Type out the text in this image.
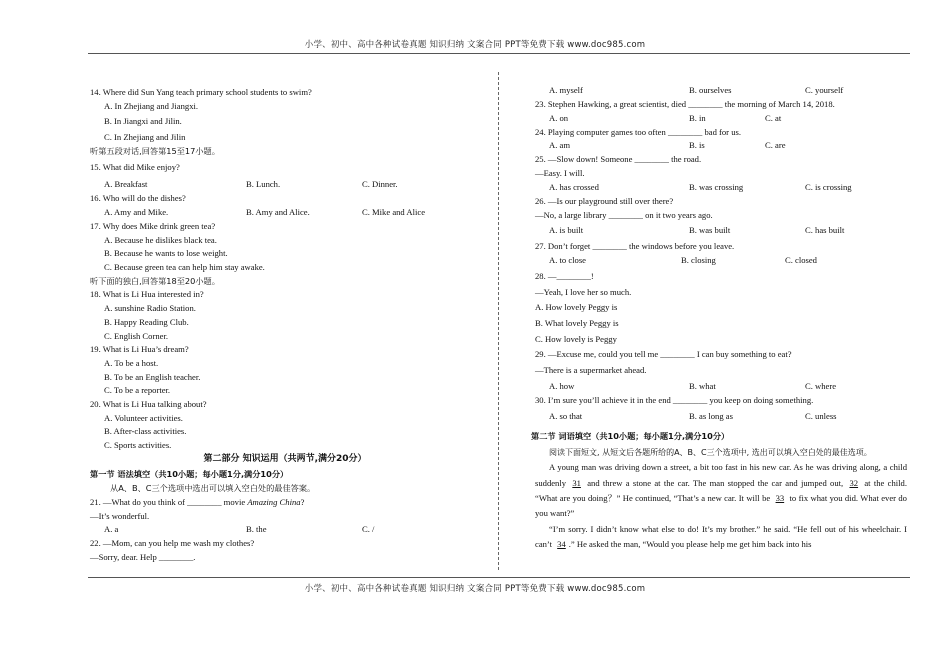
小学、初中、高中各种试卷真题 知识归纳 文案合同 PPT等免费下载 www.doc985.com
14. Where did Sun Yang teach primary school students to swim?
A. In Zhejiang and Jiangxi.
B. In Jiangxi and Jilin.
C. In Zhejiang and Jilin
听第五段对话,回答第15至17小题。
15. What did Mike enjoy?
A. Breakfast	B. Lunch.	C. Dinner.
16. Who will do the dishes?
A. Amy and Mike.	B. Amy and Alice.	C. Mike and Alice
17. Why does Mike drink green tea?
A. Because he dislikes black tea.
B. Because he wants to lose weight.
C. Because green tea can help him stay awake.
听下面的独白,回答第18至20小题。
18. What is Li Hua interested in?
A. sunshine Radio Station.
B. Happy Reading Club.
C. English Corner.
19. What is Li Hua’s dream?
A. To be a host.
B. To be an English teacher.
C. To be a reporter.
20. What is Li Hua talking about?
A. Volunteer activities.
B. After-class activities.
C. Sports activities.
第二部分 知识运用（共两节,满分20分）
第一节 语法填空（共10小题；每小题1分,满分10分）
从A、B、C三个选项中选出可以填入空白处的最佳答案。
21. —What do you think of ________ movie Amazing China?
—It’s wonderful.
A. a	B. the	C. /
22. —Mom, can you help me wash my clothes?
—Sorry, dear. Help ________.
A. myself	B. ourselves	C. yourself
23. Stephen Hawking, a great scientist, died ________ the morning of March 14, 2018.
A. on	B. in	C. at
24. Playing computer games too often ________ bad for us.
A. am	B. is	C. are
25. —Slow down! Someone ________ the road.
—Easy. I will.
A. has crossed	B. was crossing	C. is crossing
26. —Is our playground still over there?
—No, a large library ________ on it two years ago.
A. is built	B. was built	C. has built
27. Don’t forget ________ the windows before you leave.
A. to close	B. closing	C. closed
28. —________!
—Yeah, I love her so much.
A. How lovely Peggy is
B. What lovely Peggy is
C. How lovely is Peggy
29. —Excuse me, could you tell me ________ I can buy something to eat?
—There is a supermarket ahead.
A. how	B. what	C. where
30. I’m sure you’ll achieve it in the end ________ you keep on doing something.
A. so that	B. as long as	C. unless
第二节 词语填空（共10小题；每小题1分,满分10分）
阅读下面短文, 从短文后各题所给的A、B、C三个选项中, 选出可以填入空白处的最佳选项。
A young man was driving down a street, a bit too fast in his new car. As he was driving along, a child suddenly 31 and threw a stone at the car. The man stopped the car and jumped out, 32 at the child. “What are you doing？” He continued, “That’s a new car. It will be 33 to fix what you did. What ever do you want?”
“I’m sorry. I didn’t know what else to do! It’s my brother.” he said. “He fell out of his wheelchair. I can’t 34 .” He asked the man, “Would you please help me get him back into his
小学、初中、高中各种试卷真题 知识归纳 文案合同 PPT等免费下载 www.doc985.com
